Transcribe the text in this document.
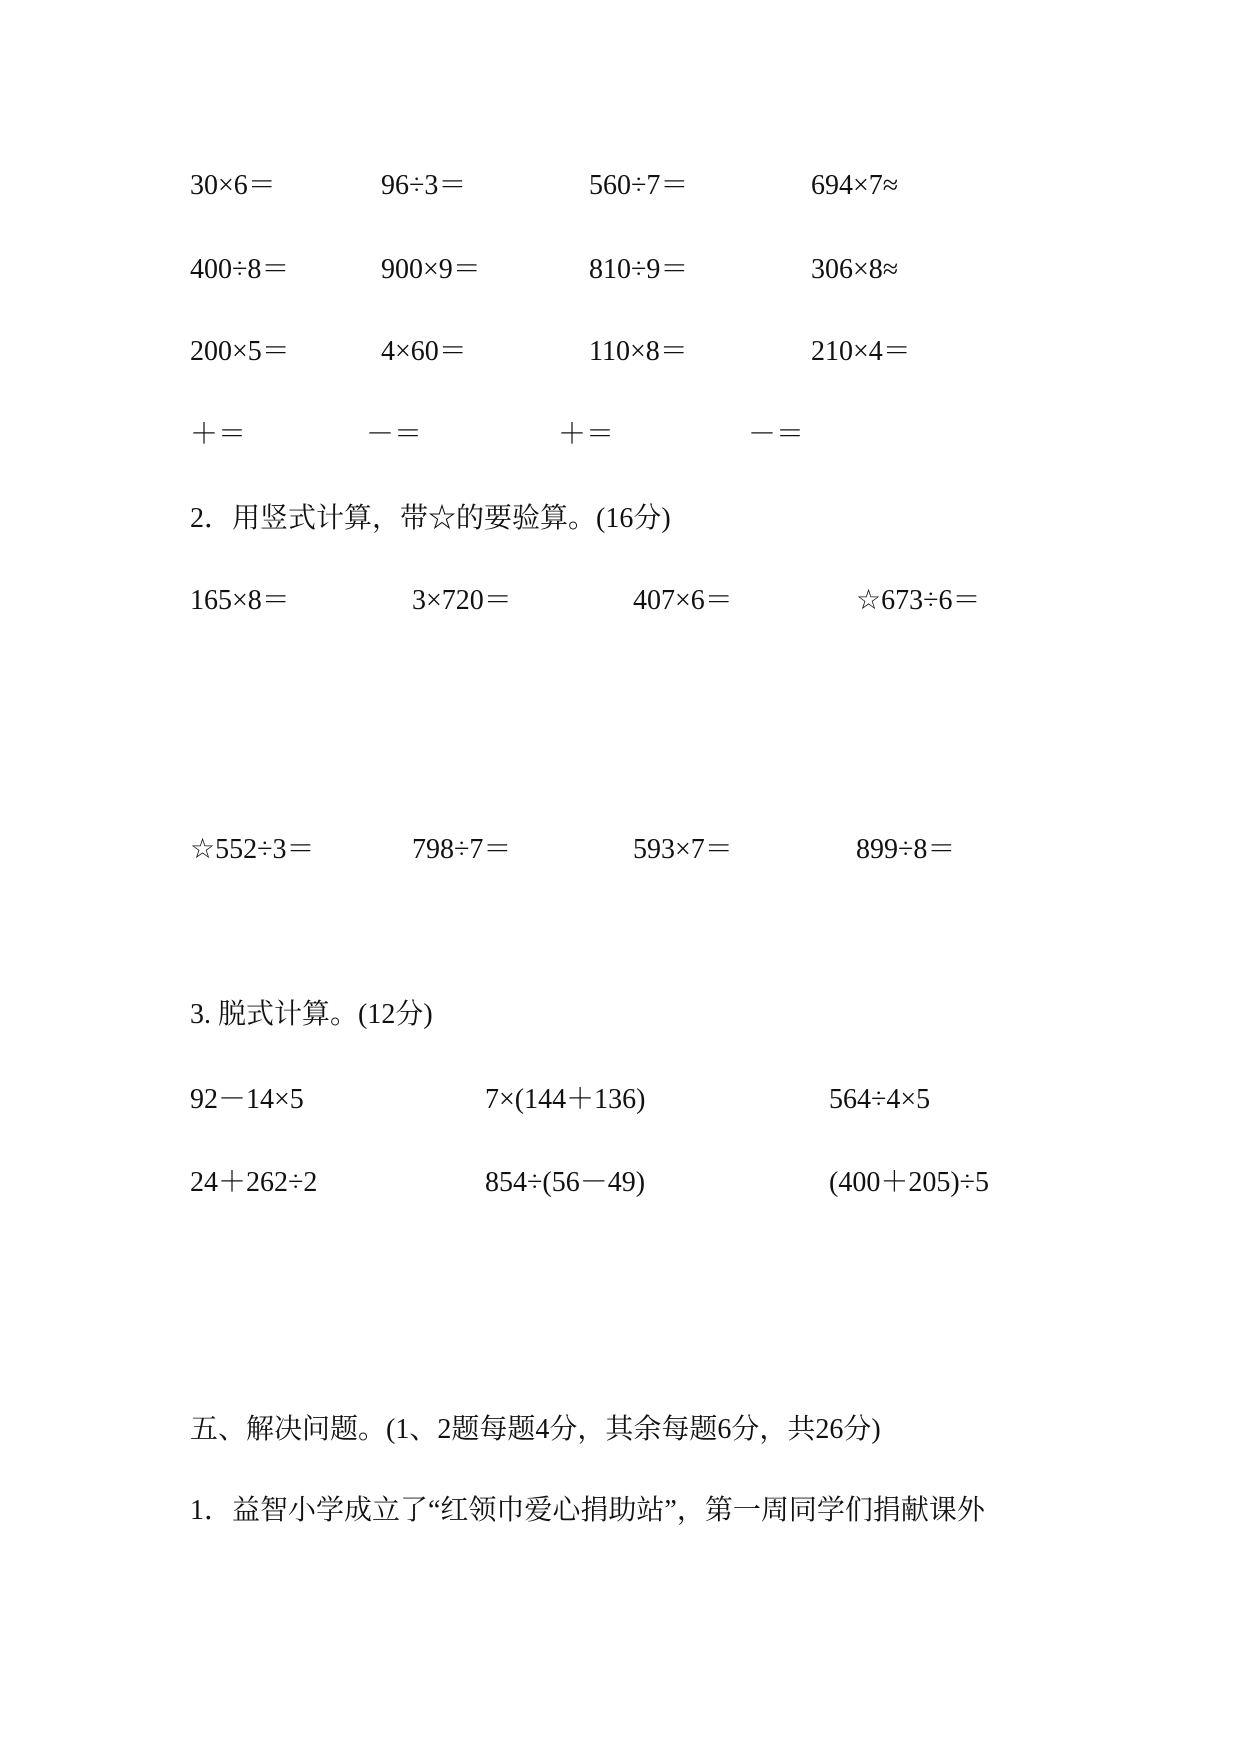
30×6＝	96÷3＝	560÷7＝	694×7≈
400÷8＝	900×9＝	810÷9＝	306×8≈
200×5＝	4×60＝	110×8＝	210×4＝
＋＝	－＝	＋＝	－＝
2．用竖式计算，带☆的要验算。(16分)
165×8＝	3×720＝	407×6＝	☆673÷6＝
☆552÷3＝	798÷7＝	593×7＝	899÷8＝
3. 脱式计算。(12分)
92－14×5	7×(144＋136)	564÷4×5
24＋262÷2	854÷(56－49)	(400＋205)÷5
五、解决问题。(1、2题每题4分，其余每题6分，共26分)
1．益智小学成立了“红领巾爱心捐助站”，第一周同学们捐献课外
